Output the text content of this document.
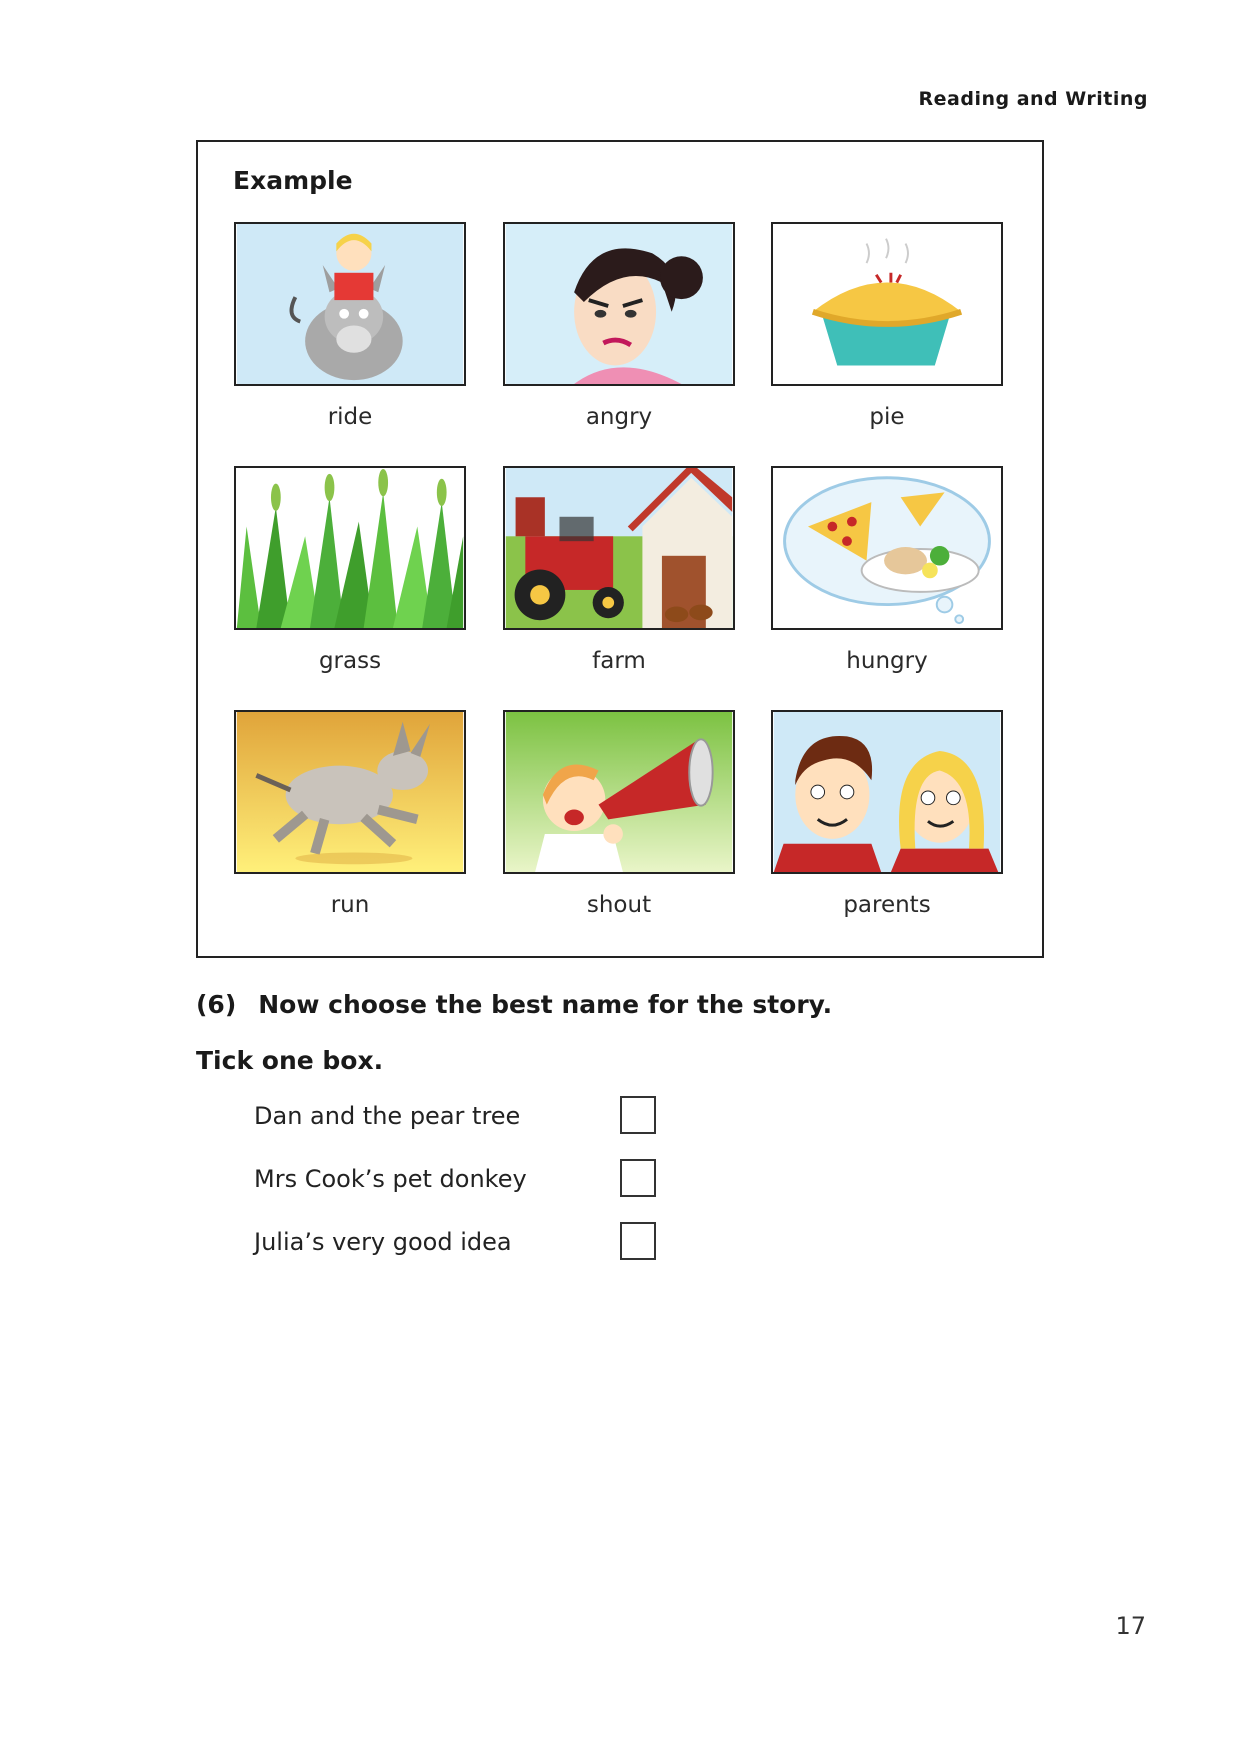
Reading and Writing
Example
ride	angry	pie
grass	farm	hungry
run	shout	parents
(6) Now choose the best name for the story.
Tick one box.
Dan and the pear tree
Mrs Cook’s pet donkey
Julia’s very good idea
17
